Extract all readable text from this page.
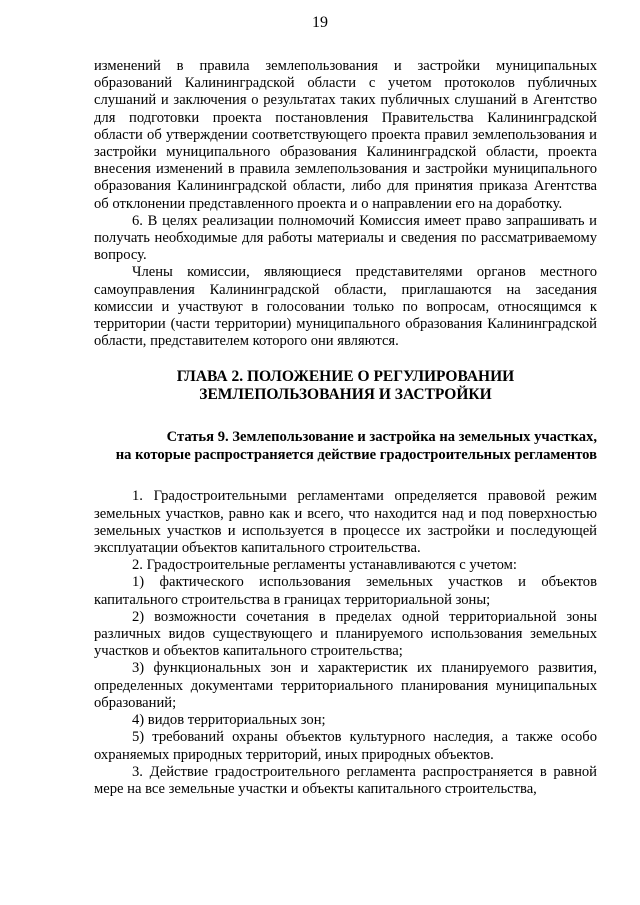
19

изменений в правила землепользования и застройки муниципальных образований Калининградской области с учетом протоколов публичных слушаний и заключения о результатах таких публичных слушаний в Агентство для подготовки проекта постановления Правительства Калининградской области об утверждении соответствующего проекта правил землепользования и застройки муниципального образования Калининградской области, проекта внесения изменений в правила землепользования и застройки муниципального образования Калининградской области, либо для принятия приказа Агентства об отклонении представленного проекта и о направлении его на доработку.

6. В целях реализации полномочий Комиссия имеет право запрашивать и получать необходимые для работы материалы и сведения по рассматриваемому вопросу.

Члены комиссии, являющиеся представителями органов местного самоуправления Калининградской области, приглашаются на заседания комиссии и участвуют в голосовании только по вопросам, относящимся к территории (части территории) муниципального образования Калининградской области, представителем которого они являются.

ГЛАВА 2. ПОЛОЖЕНИЕ О РЕГУЛИРОВАНИИ
ЗЕМЛЕПОЛЬЗОВАНИЯ И ЗАСТРОЙКИ
Статья 9. Землепользование и застройка на земельных участках,
на которые распространяется действие градостроительных регламентов

1. Градостроительными регламентами определяется правовой режим земельных участков, равно как и всего, что находится над и под поверхностью земельных участков и используется в процессе их застройки и последующей эксплуатации объектов капитального строительства.

2. Градостроительные регламенты устанавливаются с учетом:

1) фактического использования земельных участков и объектов капитального строительства в границах территориальной зоны;

2) возможности сочетания в пределах одной территориальной зоны различных видов существующего и планируемого использования земельных участков и объектов капитального строительства;

3) функциональных зон и характеристик их планируемого развития, определенных документами территориального планирования муниципальных образований;

4) видов территориальных зон;

5) требований охраны объектов культурного наследия, а также особо охраняемых природных территорий, иных природных объектов.

3. Действие градостроительного регламента распространяется в равной мере на все земельные участки и объекты капитального строительства,
